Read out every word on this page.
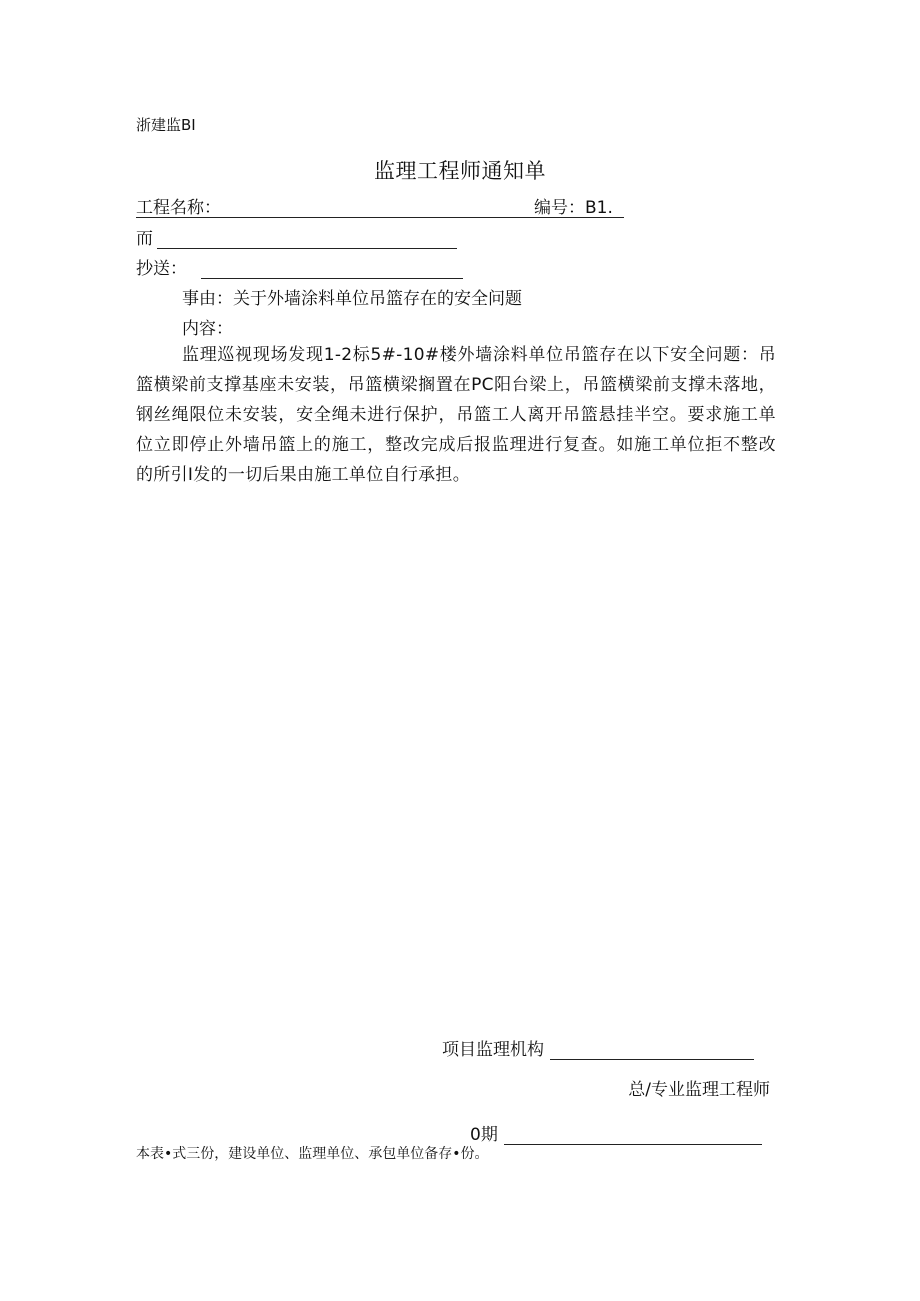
浙建监BI
监理工程师通知单
工程名称：	编号：B1.
而
抄送：
事由：关于外墙涂料单位吊篮存在的安全问题
内容：
监理巡视现场发现1-2标5#-10#楼外墙涂料单位吊篮存在以下安全问题：吊篮横梁前支撑基座未安装，吊篮横梁搁置在PC阳台梁上，吊篮横梁前支撑未落地，钢丝绳限位未安装，安全绳未进行保护，吊篮工人离开吊篮悬挂半空。要求施工单位立即停止外墙吊篮上的施工，整改完成后报监理进行复查。如施工单位拒不整改的所引I发的一切后果由施工单位自行承担。
项目监理机构
总/专业监理工程师
0期
本表•式三份，建设单位、监理单位、承包单位备存•份。
